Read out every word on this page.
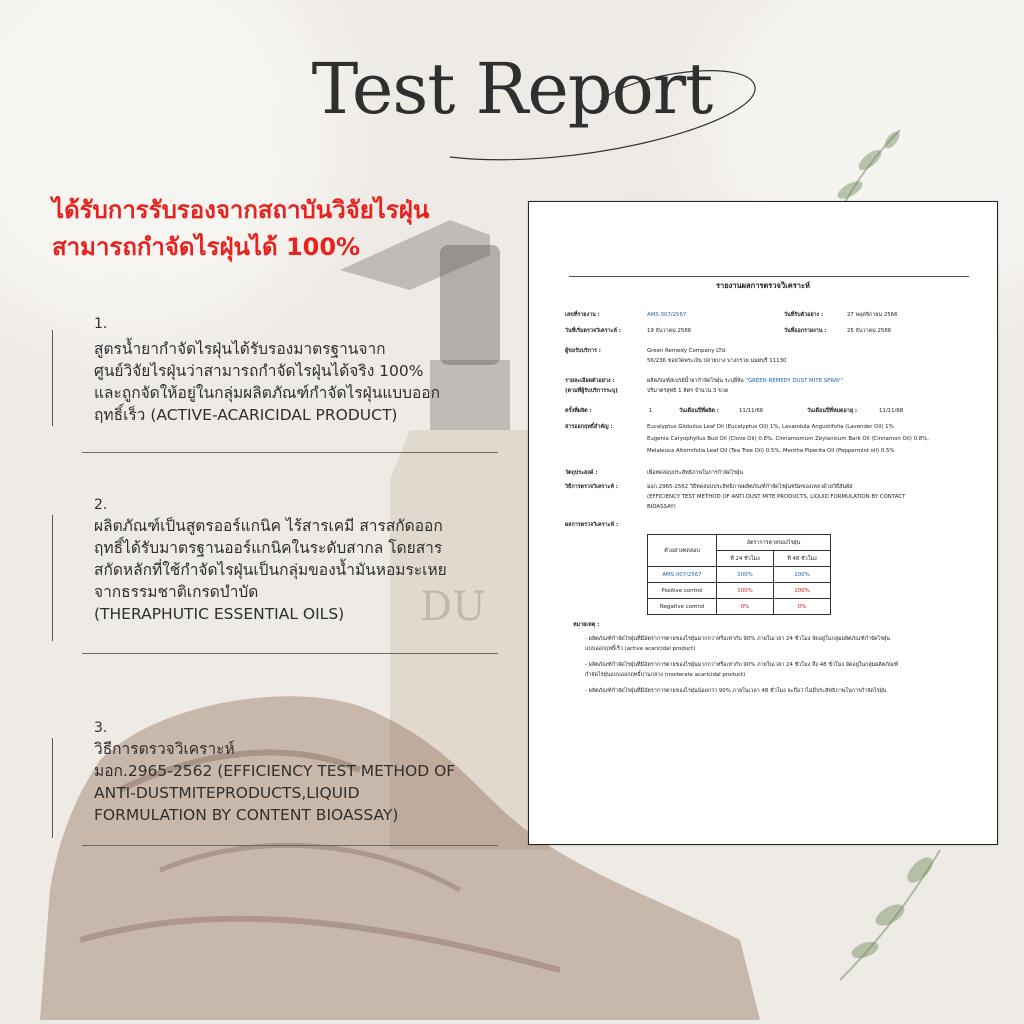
DU
Test Report
ได้รับการรับรองจากสถาบันวิจัยไรฝุ่น
สามารถกำจัดไรฝุ่นได้ 100%
1.
สูตรน้ำยากำจัดไรฝุ่นได้รับรองมาตรฐานจาก
ศูนย์วิจัยไรฝุ่นว่าสามารถกำจัดไรฝุ่นได้จริง 100%
และถูกจัดให้อยู่ในกลุ่มผลิตภัณฑ์กำจัดไรฝุ่นแบบออก
ฤทธิ์เร็ว (ACTIVE-ACARICIDAL PRODUCT)
2.
ผลิตภัณฑ์เป็นสูตรออร์แกนิค ไร้สารเคมี สารสกัดออก
ฤทธิ์ได้รับมาตรฐานออร์แกนิคในระดับสากล โดยสาร
สกัดหลักที่ใช้กำจัดไรฝุ่นเป็นกลุ่มของน้ำมันหอมระเหย
จากธรรมชาติเกรดบำบัด
(THERAPHUTIC ESSENTIAL OILS)
3.
วิธีการตรวจวิเคราะห์
มอก.2965-2562 (EFFICIENCY TEST METHOD OF
ANTI-DUSTMITEPRODUCTS,LIQUID
FORMULATION BY CONTENT BIOASSAY)
รายงานผลการตรวจวิเคราะห์
เลขที่รายงาน :	AMS 007/2567	วันที่รับตัวอย่าง :	27 พฤศจิกายน 2566
วันที่เริ่มตรวจวิเคราะห์ :	19 ธันวาคม 2566	วันที่ออกรายงาน :	25 ธันวาคม 2566
ผู้ขอรับบริการ :	Green Remedy Company LTd.
56/236 ซอยวัดพระเงิน ปลายบาง บางกรวย นนทบุรี 11130
รายละเอียดตัวอย่าง :	ผลิตภัณฑ์สเปรย์น้ำยากำจัดไรฝุ่น ระบุยี่ห้อ "GREEN REMEDY DUST MITE SPRAY"
(ตามที่ผู้รับบริการระบุ)	ปริมาตรสุทธิ 1 ลิตร จำนวน 3 ขวด
ครั้งที่ผลิต :	1	วันเดือนปีที่ผลิต :	11/11/66	วันเดือนปีที่หมดอายุ :	11/11/68
สารออกฤทธิ์สำคัญ :	Eucalyptus Globulus Leaf Oil (Eucalyptus Oil) 1%, Lavandula Angustifolia (Lavender Oil) 1%
Eugenia Caryophyllus Bud Oil (Clove Oil) 0.8%, Cinnamomum Zeylanicum Bark Oil (Cinnamon Oil) 0.8%,
Melaleuca Alternifolia Leaf Oil (Tea Tree Oil) 0.5%, Mentha Piperita Oil (Peppermint oil) 0.5%
วัตถุประสงค์ :	เพื่อทดสอบประสิทธิภาพในการกำจัดไรฝุ่น
วิธีการตรวจวิเคราะห์ :	มอก.2965-2562 วิธีทดสอบประสิทธิภาพผลิตภัณฑ์กำจัดไรฝุ่นชนิดของเหลวด้วยวิธีสัมผัส
(EFFICIENCY TEST METHOD OF ANTI DUST MITE PRODUCTS, LIQUID FORMULATION BY CONTACT
BIOASSAY)
ผลการตรวจวิเคราะห์ :
ตัวอย่างทดสอบ	อัตราการตายของไรฝุ่น	
	ที่ 24 ชั่วโมง	ที่ 48 ชั่วโมง
AMS 007/2567	100%	100%
Positive control	100%	100%
Negative control	0%	0%
หมายเหตุ :
- ผลิตภัณฑ์กำจัดไรฝุ่นที่มีอัตราการตายของไรฝุ่นมากกว่าหรือเท่ากับ 90% ภายในเวลา 24 ชั่วโมง จัดอยู่ในกลุ่มผลิตภัณฑ์กำจัดไรฝุ่น
แบบออกฤทธิ์เร็ว (active acaricidal product)
- ผลิตภัณฑ์กำจัดไรฝุ่นที่มีอัตราการตายของไรฝุ่นมากกว่าหรือเท่ากับ 90% ภายในเวลา 24 ชั่วโมง ถึง 48 ชั่วโมง จัดอยู่ในกลุ่มผลิตภัณฑ์
กำจัดไรฝุ่นแบบออกฤทธิ์ปานกลาง (moderate acaricidal product)
- ผลิตภัณฑ์กำจัดไรฝุ่นที่มีอัตราการตายของไรฝุ่นน้อยกว่า 90% ภายในเวลา 48 ชั่วโมง จะถือว่าไม่มีประสิทธิภาพในการกำจัดไรฝุ่น
